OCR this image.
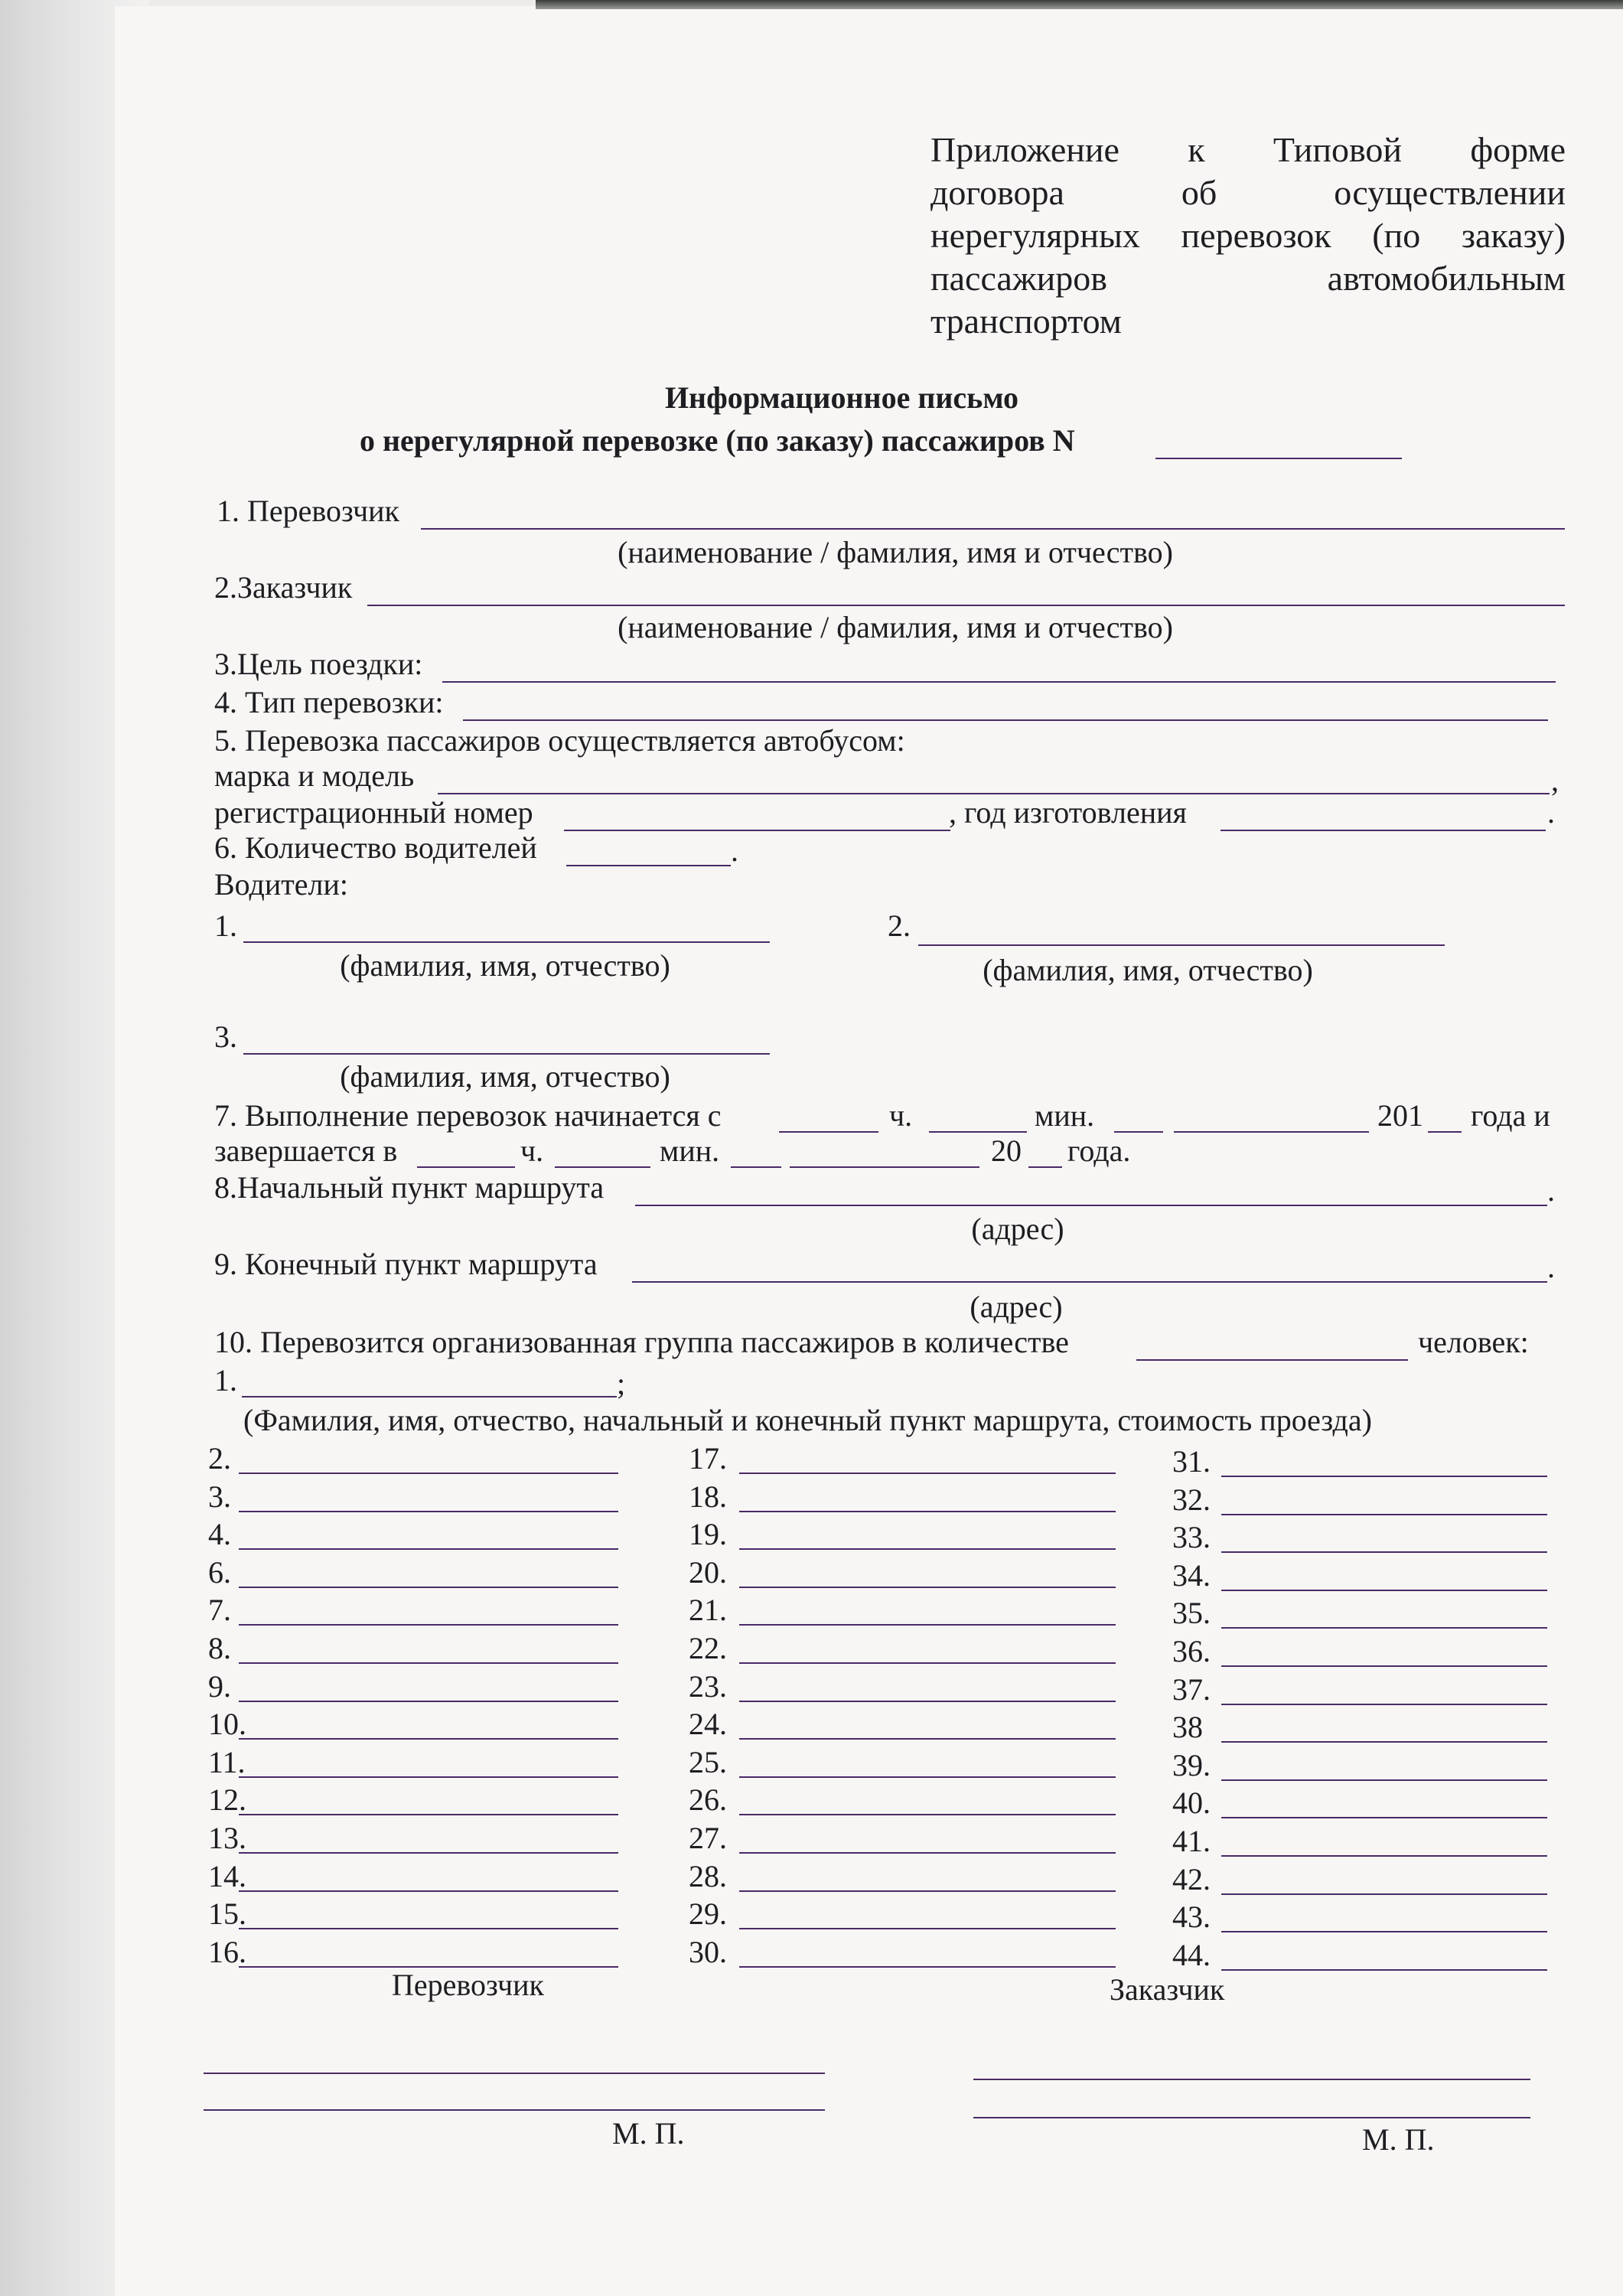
Приложение к Типовой форме
договора об осуществлении
нерегулярных перевозок (по заказу)
пассажиров автомобильным
транспортом
Информационное письмо
о нерегулярной перевозке (по заказу) пассажиров N
1. Перевозчик
(наименование / фамилия, имя и отчество)
2.Заказчик
(наименование / фамилия, имя и отчество)
3.Цель поездки:
4. Тип перевозки:
5. Перевозка пассажиров осуществляется автобусом:
марка и модель	,
регистрационный номер	, год изготовления	.
6. Количество водителей	.
Водители:
1.
(фамилия, имя, отчество)
2.
(фамилия, имя, отчество)
3.
(фамилия, имя, отчество)
7. Выполнение перевозок начинается с	ч.	мин.	201 года и
завершается в	ч.	мин.	20 года.
8.Начальный пункт маршрута	.
(адрес)
9. Конечный пункт маршрута	.
(адрес)
10. Перевозится организованная группа пассажиров в количестве	человек:
1.	;
(Фамилия, имя, отчество, начальный и конечный пункт маршрута, стоимость проезда)
2.
3.
4.
6.
7.
8.
9.
10.
11.
12.
13.
14.
15.
16.
17.
18.
19.
20.
21.
22.
23.
24.
25.
26.
27.
28.
29.
30.
31.
32.
33.
34.
35.
36.
37.
38
39.
40.
41.
42.
43.
44.
Перевозчик	Заказчик
М. П.	М. П.
